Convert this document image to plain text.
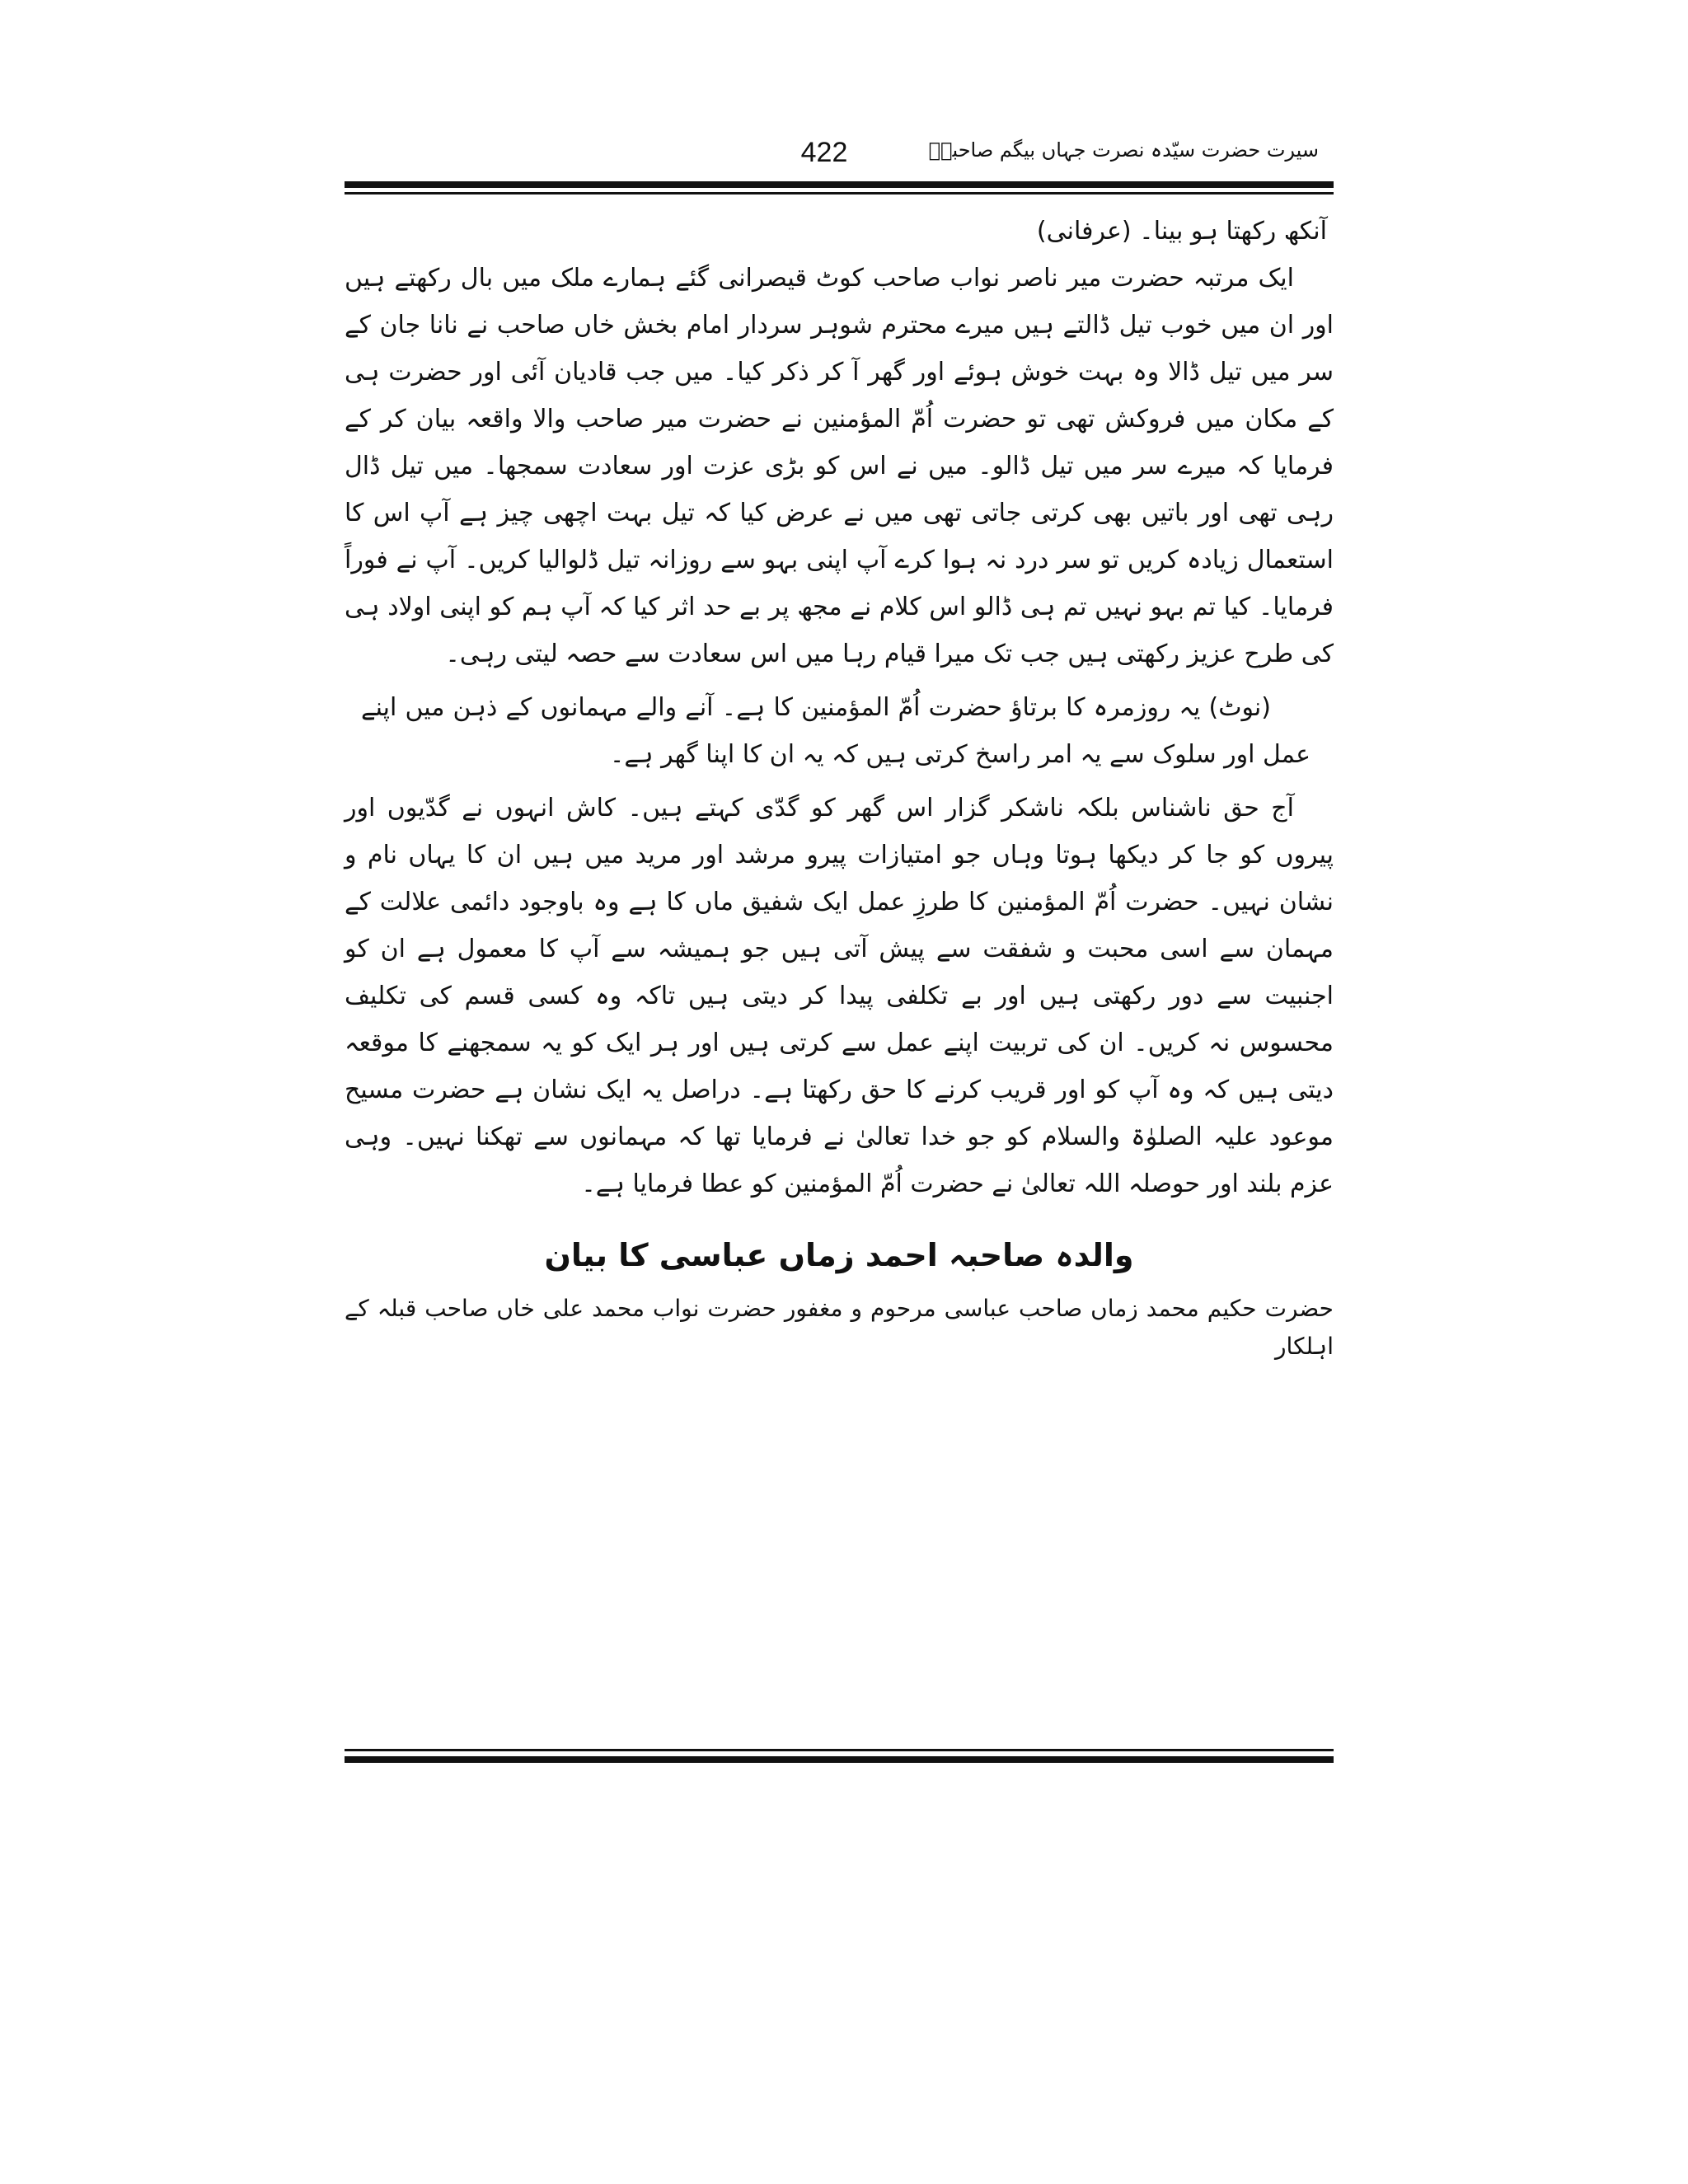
422	سیرت حضرت سیّدہ نصرت جہاں بیگم صاحبہؓ

آنکھ رکھتا ہو بینا۔ (عرفانی)

ایک مرتبہ حضرت میر ناصر نواب صاحب کوٹ قیصرانی گئے ہمارے ملک میں بال رکھتے ہیں اور ان میں خوب تیل ڈالتے ہیں میرے محترم شوہر سردار امام بخش خاں صاحب نے نانا جان کے سر میں تیل ڈالا وہ بہت خوش ہوئے اور گھر آ کر ذکر کیا۔ میں جب قادیان آئی اور حضرت ہی کے مکان میں فروکش تھی تو حضرت اُمّ المؤمنین نے حضرت میر صاحب والا واقعہ بیان کر کے فرمایا کہ میرے سر میں تیل ڈالو۔ میں نے اس کو بڑی عزت اور سعادت سمجھا۔ میں تیل ڈال رہی تھی اور باتیں بھی کرتی جاتی تھی میں نے عرض کیا کہ تیل بہت اچھی چیز ہے آپ اس کا استعمال زیادہ کریں تو سر درد نہ ہوا کرے آپ اپنی بہو سے روزانہ تیل ڈلوالیا کریں۔ آپ نے فوراً فرمایا۔ کیا تم بہو نہیں تم ہی ڈالو اس کلام نے مجھ پر بے حد اثر کیا کہ آپ ہم کو اپنی اولاد ہی کی طرح عزیز رکھتی ہیں جب تک میرا قیام رہا میں اس سعادت سے حصہ لیتی رہی۔

(نوٹ) یہ روزمرہ کا برتاؤ حضرت اُمّ المؤمنین کا ہے۔ آنے والے مہمانوں کے ذہن میں اپنے عمل اور سلوک سے یہ امر راسخ کرتی ہیں کہ یہ ان کا اپنا گھر ہے۔

آج حق ناشناس بلکہ ناشکر گزار اس گھر کو گدّی کہتے ہیں۔ کاش انہوں نے گدّیوں اور پیروں کو جا کر دیکھا ہوتا وہاں جو امتیازات پیرو مرشد اور مرید میں ہیں ان کا یہاں نام و نشان نہیں۔ حضرت اُمّ المؤمنین کا طرزِ عمل ایک شفیق ماں کا ہے وہ باوجود دائمی علالت کے مہمان سے اسی محبت و شفقت سے پیش آتی ہیں جو ہمیشہ سے آپ کا معمول ہے ان کو اجنبیت سے دور رکھتی ہیں اور بے تکلفی پیدا کر دیتی ہیں تاکہ وہ کسی قسم کی تکلیف محسوس نہ کریں۔ ان کی تربیت اپنے عمل سے کرتی ہیں اور ہر ایک کو یہ سمجھنے کا موقعہ دیتی ہیں کہ وہ آپ کو اور قریب کرنے کا حق رکھتا ہے۔ دراصل یہ ایک نشان ہے حضرت مسیح موعود علیہ الصلوٰۃ والسلام کو جو خدا تعالیٰ نے فرمایا تھا کہ مہمانوں سے تھکنا نہیں۔ وہی عزم بلند اور حوصلہ اللہ تعالیٰ نے حضرت اُمّ المؤمنین کو عطا فرمایا ہے۔

والدہ صاحبہ احمد زماں عباسی کا بیان

حضرت حکیم محمد زماں صاحب عباسی مرحوم و مغفور حضرت نواب محمد علی خاں صاحب قبلہ کے اہلکار
